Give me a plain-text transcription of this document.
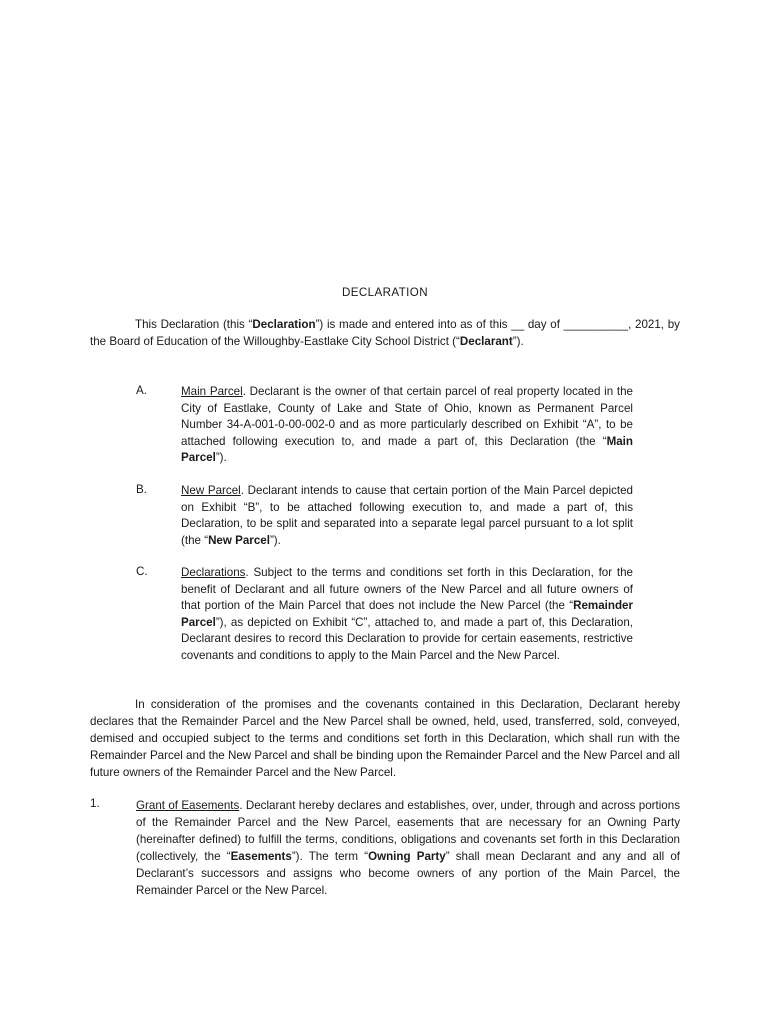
DECLARATION
This Declaration (this “Declaration”) is made and entered into as of this __ day of __________, 2021, by the Board of Education of the Willoughby-Eastlake City School District (“Declarant”).
A.	Main Parcel. Declarant is the owner of that certain parcel of real property located in the City of Eastlake, County of Lake and State of Ohio, known as Permanent Parcel Number 34-A-001-0-00-002-0 and as more particularly described on Exhibit “A”, to be attached following execution to, and made a part of, this Declaration (the “Main Parcel”).
B.	New Parcel. Declarant intends to cause that certain portion of the Main Parcel depicted on Exhibit “B”, to be attached following execution to, and made a part of, this Declaration, to be split and separated into a separate legal parcel pursuant to a lot split (the “New Parcel”).
C.	Declarations. Subject to the terms and conditions set forth in this Declaration, for the benefit of Declarant and all future owners of the New Parcel and all future owners of that portion of the Main Parcel that does not include the New Parcel (the “Remainder Parcel”), as depicted on Exhibit “C”, attached to, and made a part of, this Declaration, Declarant desires to record this Declaration to provide for certain easements, restrictive covenants and conditions to apply to the Main Parcel and the New Parcel.
In consideration of the promises and the covenants contained in this Declaration, Declarant hereby declares that the Remainder Parcel and the New Parcel shall be owned, held, used, transferred, sold, conveyed, demised and occupied subject to the terms and conditions set forth in this Declaration, which shall run with the Remainder Parcel and the New Parcel and shall be binding upon the Remainder Parcel and the New Parcel and all future owners of the Remainder Parcel and the New Parcel.
1.	Grant of Easements. Declarant hereby declares and establishes, over, under, through and across portions of the Remainder Parcel and the New Parcel, easements that are necessary for an Owning Party (hereinafter defined) to fulfill the terms, conditions, obligations and covenants set forth in this Declaration (collectively, the “Easements”). The term “Owning Party” shall mean Declarant and any and all of Declarant’s successors and assigns who become owners of any portion of the Main Parcel, the Remainder Parcel or the New Parcel.
